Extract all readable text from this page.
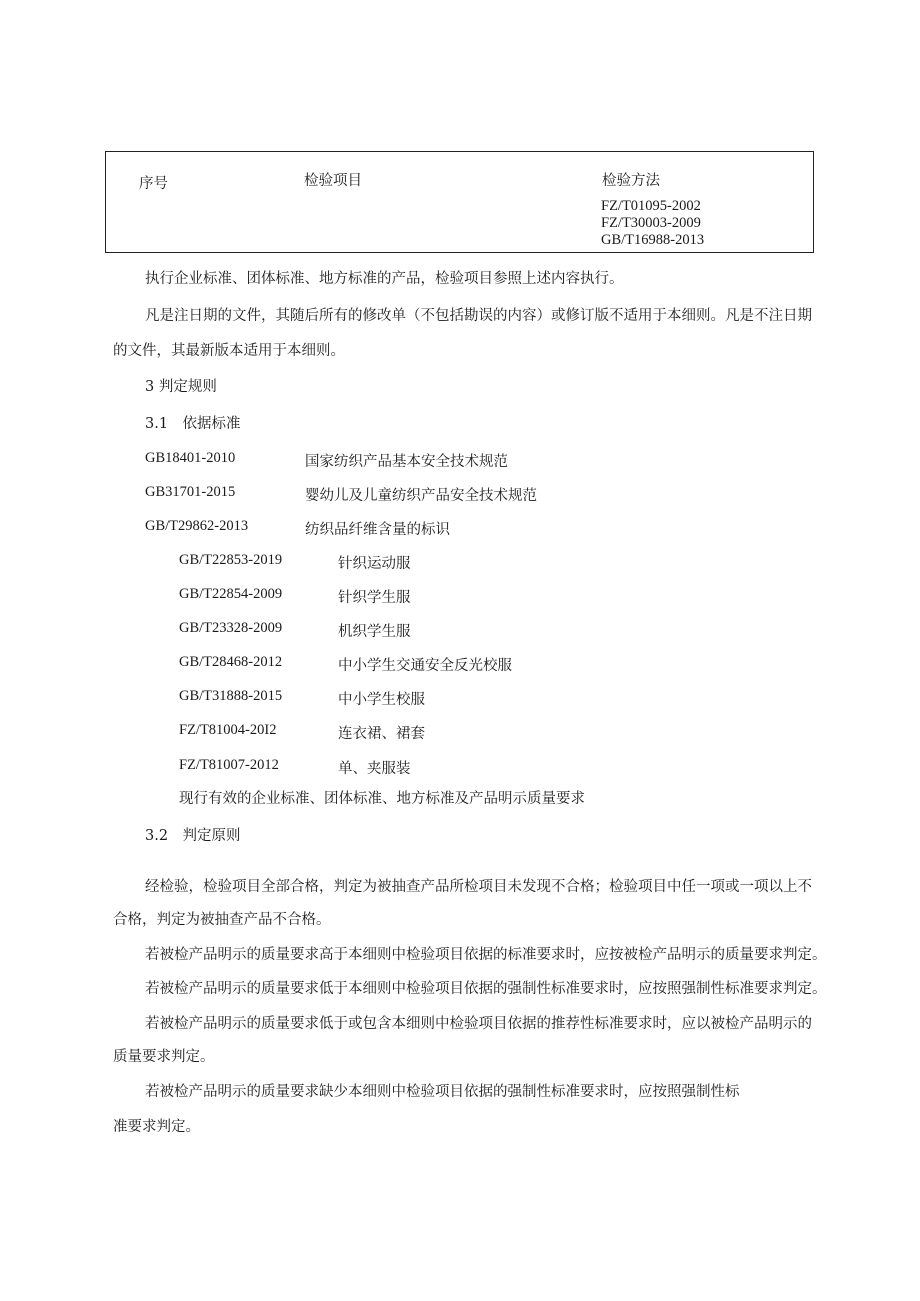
序号	检验项目	检验方法
FZ/T01095-2002
FZ/T30003-2009
GB/T16988-2013
执行企业标准、团体标准、地方标准的产品，检验项目参照上述内容执行。
凡是注日期的文件，其随后所有的修改单（不包括勘误的内容）或修订版不适用于本细则。凡是不注日期
的文件，其最新版本适用于本细则。
3 判定规则
3.1　依据标准
GB18401-2010	国家纺织产品基本安全技术规范
GB31701-2015	婴幼儿及儿童纺织产品安全技术规范
GB/T29862-2013	纺织品纤维含量的标识
GB/T22853-2019	针织运动服
GB/T22854-2009	针织学生服
GB/T23328-2009	机织学生服
GB/T28468-2012	中小学生交通安全反光校服
GB/T31888-2015	中小学生校服
FZ/T81004-20I2	连衣裙、裙套
FZ/T81007-2012	单、夹服装
现行有效的企业标准、团体标准、地方标准及产品明示质量要求
3.2　判定原则
经检验，检验项目全部合格，判定为被抽查产品所检项目未发现不合格；检验项目中任一项或一项以上不
合格，判定为被抽查产品不合格。
若被检产品明示的质量要求高于本细则中检验项目依据的标准要求时，应按被检产品明示的质量要求判定。
若被检产品明示的质量要求低于本细则中检验项目依据的强制性标准要求时，应按照强制性标准要求判定。
若被检产品明示的质量要求低于或包含本细则中检验项目依据的推荐性标准要求时，应以被检产品明示的
质量要求判定。
若被检产品明示的质量要求缺少本细则中检验项目依据的强制性标准要求时，应按照强制性标
准要求判定。
